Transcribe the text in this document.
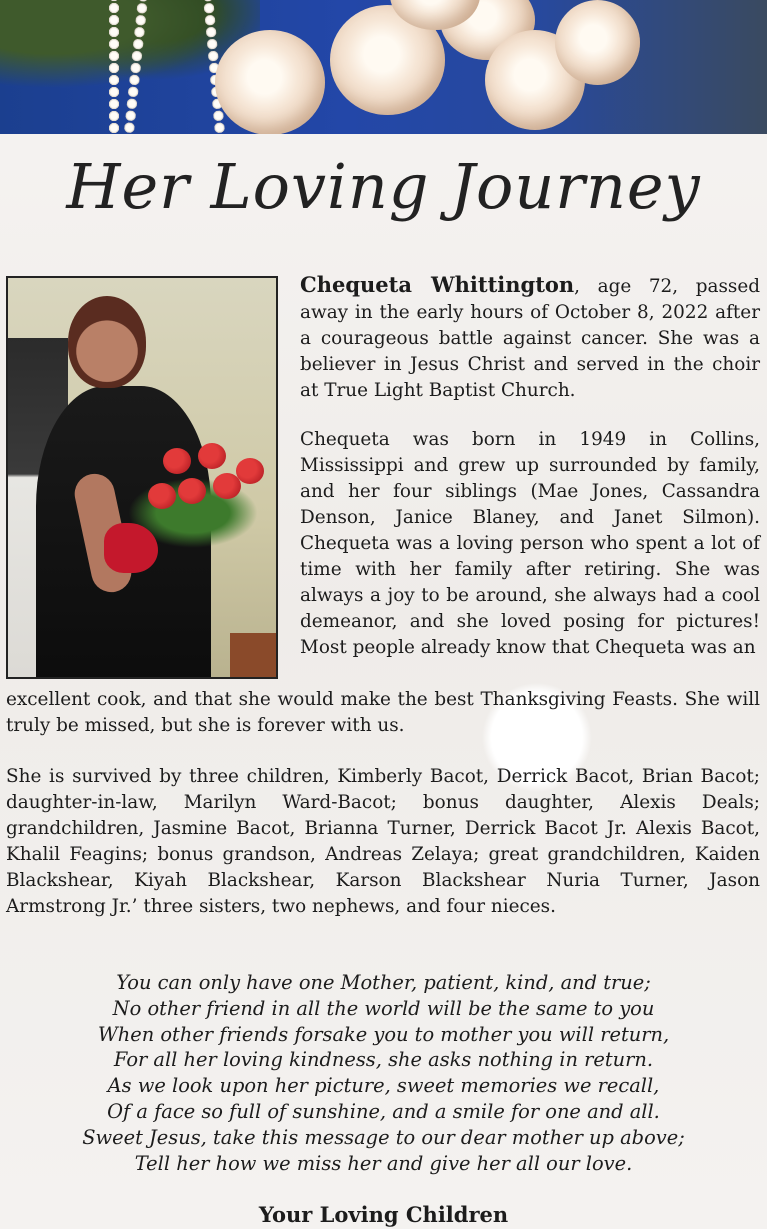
Her Loving Journey

Chequeta Whittington, age 72, passed away in the early hours of October 8, 2022 after a courageous battle against cancer. She was a believer in Jesus Christ and served in the choir at True Light Baptist Church.

Chequeta was born in 1949 in Collins, Mississippi and grew up surrounded by family, and her four siblings (Mae Jones, Cassandra Denson, Janice Blaney, and Janet Silmon). Chequeta was a loving person who spent a lot of time with her family after retiring. She was always a joy to be around, she always had a cool demeanor, and she loved posing for pictures! Most people already know that Chequeta was an

excellent cook, and that she would make the best Thanksgiving Feasts. She will truly be missed, but she is forever with us.

She is survived by three children, Kimberly Bacot, Derrick Bacot, Brian Bacot; daughter-in-law, Marilyn Ward-Bacot; bonus daughter, Alexis Deals; grandchildren, Jasmine Bacot, Brianna Turner, Derrick Bacot Jr. Alexis Bacot, Khalil Feagins; bonus grandson, Andreas Zelaya; great grandchildren, Kaiden Blackshear, Kiyah Blackshear, Karson Blackshear Nuria Turner, Jason Armstrong Jr.’ three sisters, two nephews, and four nieces.

You can only have one Mother, patient, kind, and true;
No other friend in all the world will be the same to you
When other friends forsake you to mother you will return,
For all her loving kindness, she asks nothing in return.
As we look upon her picture, sweet memories we recall,
Of a face so full of sunshine, and a smile for one and all.
Sweet Jesus, take this message to our dear mother up above;
Tell her how we miss her and give her all our love.
Your Loving Children
